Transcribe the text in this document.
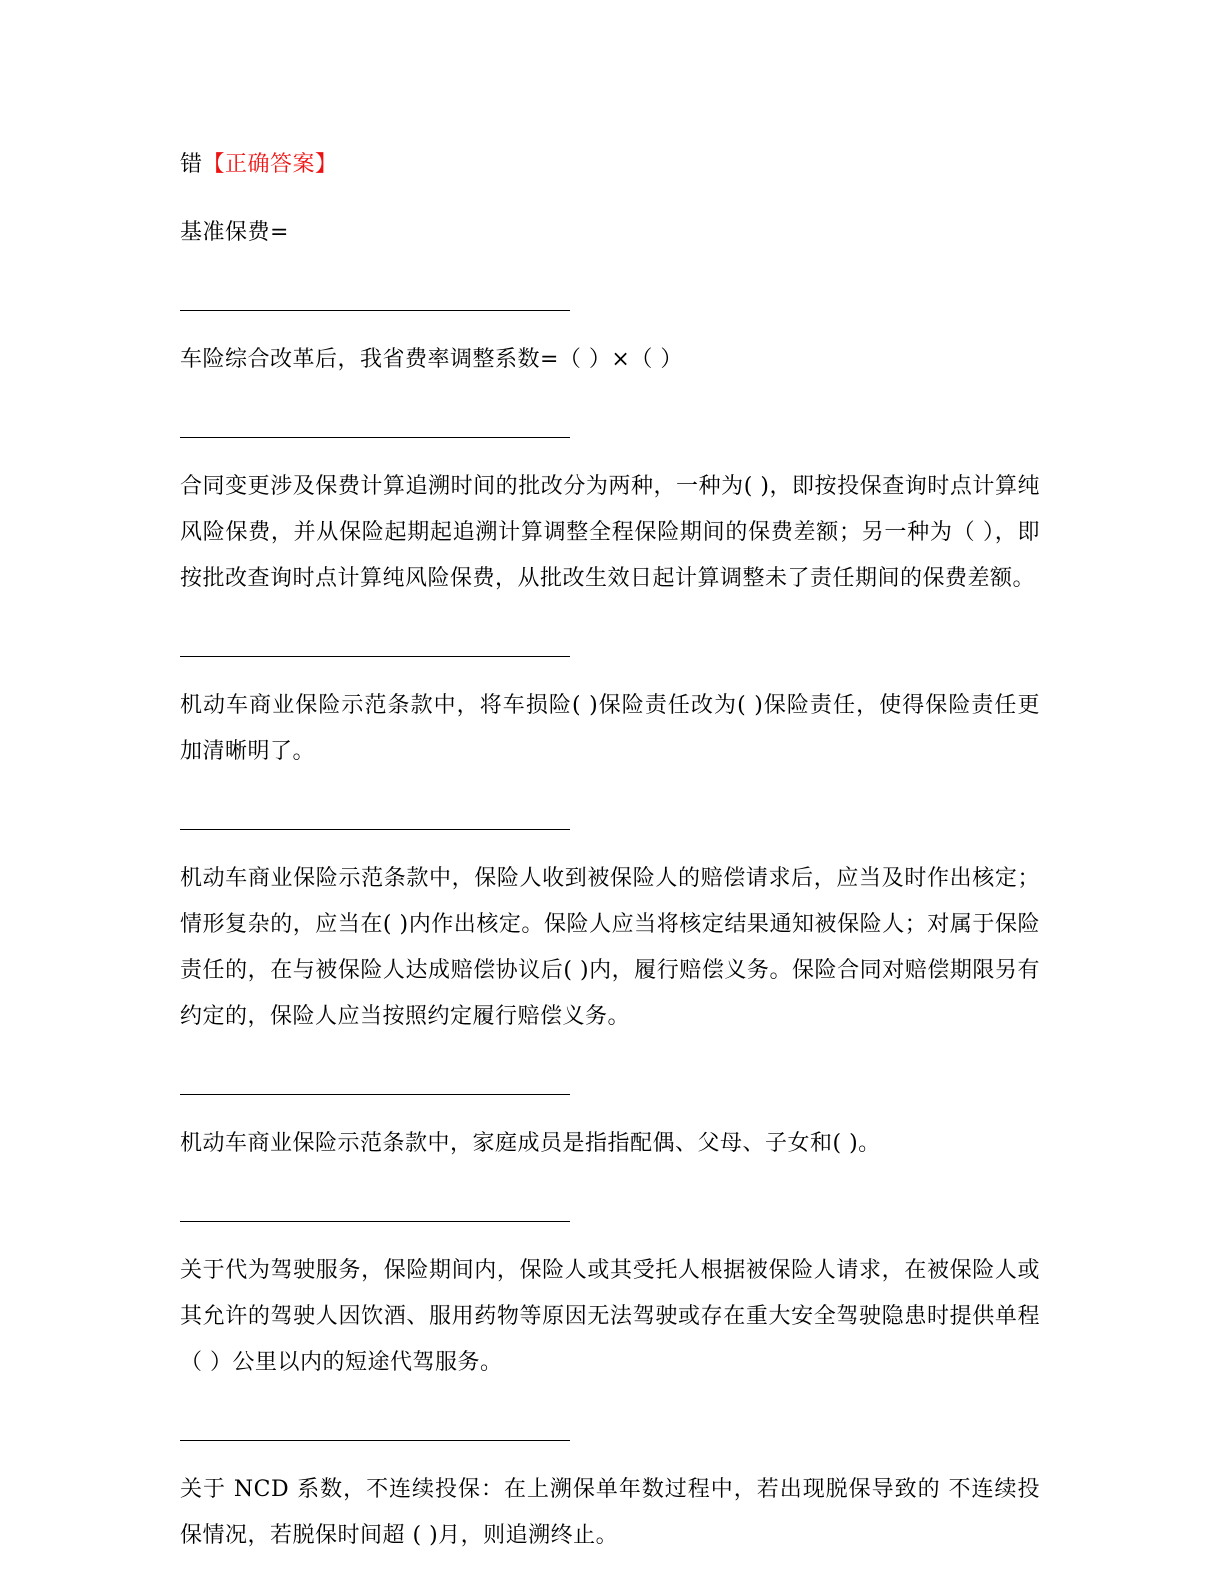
错【正确答案】
基准保费=
车险综合改革后，我省费率调整系数=（ ）×（ ）
合同变更涉及保费计算追溯时间的批改分为两种，一种为( )，即按投保查询时点计算纯风险保费，并从保险起期起追溯计算调整全程保险期间的保费差额；另一种为（ ），即按批改查询时点计算纯风险保费，从批改生效日起计算调整未了责任期间的保费差额。
机动车商业保险示范条款中，将车损险( )保险责任改为( )保险责任，使得保险责任更加清晰明了。
机动车商业保险示范条款中，保险人收到被保险人的赔偿请求后，应当及时作出核定；情形复杂的，应当在( )内作出核定。保险人应当将核定结果通知被保险人；对属于保险责任的，在与被保险人达成赔偿协议后( )内，履行赔偿义务。保险合同对赔偿期限另有约定的，保险人应当按照约定履行赔偿义务。
机动车商业保险示范条款中，家庭成员是指指配偶、父母、子女和( )。
关于代为驾驶服务，保险期间内，保险人或其受托人根据被保险人请求，在被保险人或其允许的驾驶人因饮酒、服用药物等原因无法驾驶或存在重大安全驾驶隐患时提供单程（ ）公里以内的短途代驾服务。
关于 NCD 系数，不连续投保：在上溯保单年数过程中，若出现脱保导致的 不连续投保情况，若脱保时间超 ( )月，则追溯终止。
